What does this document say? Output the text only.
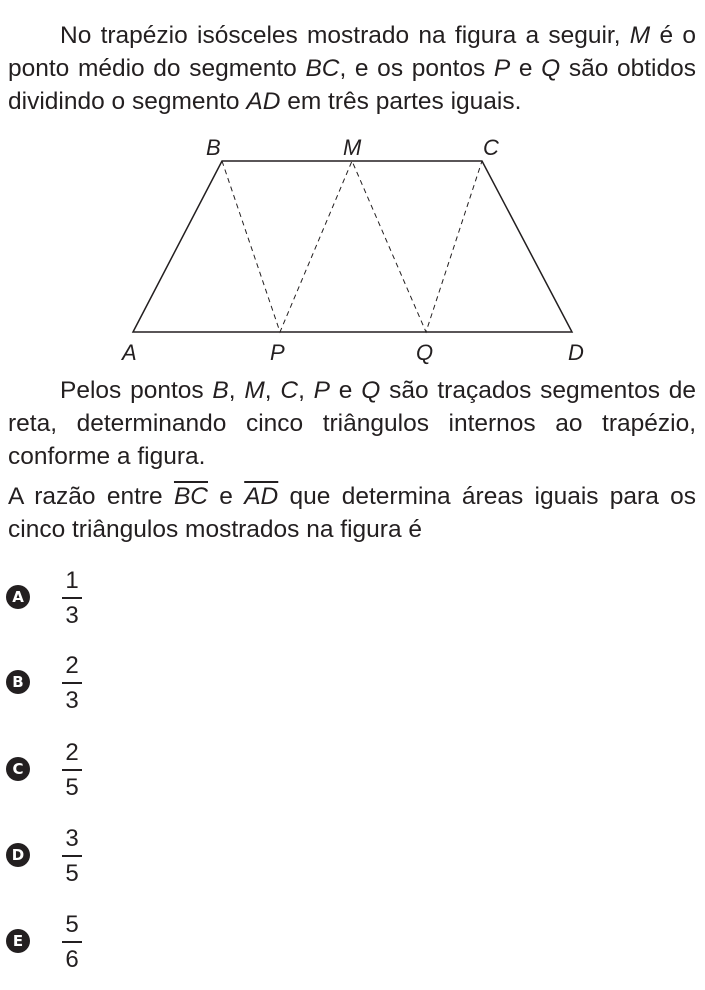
No trapézio isósceles mostrado na figura a seguir, M é o ponto médio do segmento BC, e os pontos P e Q são obtidos dividindo o segmento AD em três partes iguais.

A
B	M	C
P	Q	D

Pelos pontos B, M, C, P e Q são traçados segmentos de reta, determinando cinco triângulos internos ao trapézio, conforme a figura.

A razão entre $\overline{BC}$ e $\overline{AD}$ que determina áreas iguais para os cinco triângulos mostrados na figura é

A
1
3
B
2
3
C
2
5
D
3
5
E
5
6
